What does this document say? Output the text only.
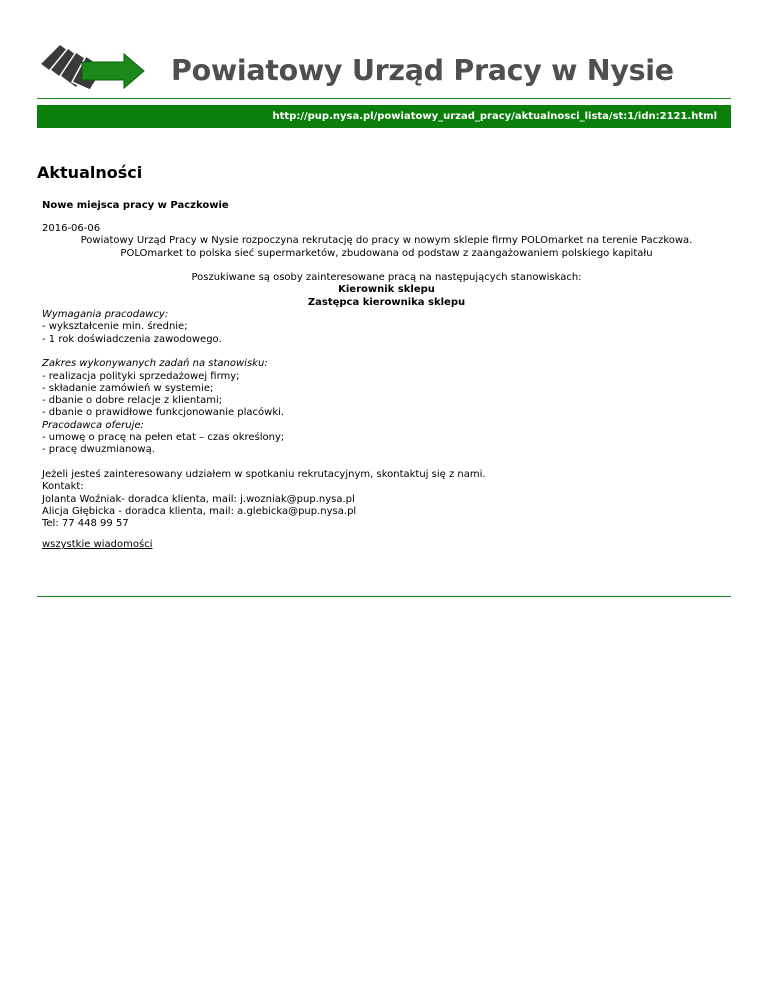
Powiatowy Urząd Pracy w Nysie
http://pup.nysa.pl/powiatowy_urzad_pracy/aktualnosci_lista/st:1/idn:2121.html
Aktualności
Nowe miejsca pracy w Paczkowie
2016-06-06
Powiatowy Urząd Pracy w Nysie rozpoczyna rekrutację do pracy w nowym sklepie firmy POLOmarket na terenie Paczkowa.
POLOmarket to polska sieć supermarketów, zbudowana od podstaw z zaangażowaniem polskiego kapitału
Poszukiwane są osoby zainteresowane pracą na następujących stanowiskach:
Kierownik sklepu
Zastępca kierownika sklepu
Wymagania pracodawcy:
- wykształcenie min. średnie;
- 1 rok doświadczenia zawodowego.
Zakres wykonywanych zadań na stanowisku:
- realizacja polityki sprzedażowej firmy;
- składanie zamówień w systemie;
- dbanie o dobre relacje z klientami;
- dbanie o prawidłowe funkcjonowanie placówki.
Pracodawca oferuje:
- umowę o pracę na pełen etat – czas określony;
- pracę dwuzmianową.
Jeżeli jesteś zainteresowany udziałem w spotkaniu rekrutacyjnym, skontaktuj się z nami.
Kontakt:
Jolanta Woźniak- doradca klienta, mail: j.wozniak@pup.nysa.pl
Alicja Głębicka - doradca klienta, mail: a.glebicka@pup.nysa.pl
Tel: 77 448 99 57
wszystkie wiadomości
